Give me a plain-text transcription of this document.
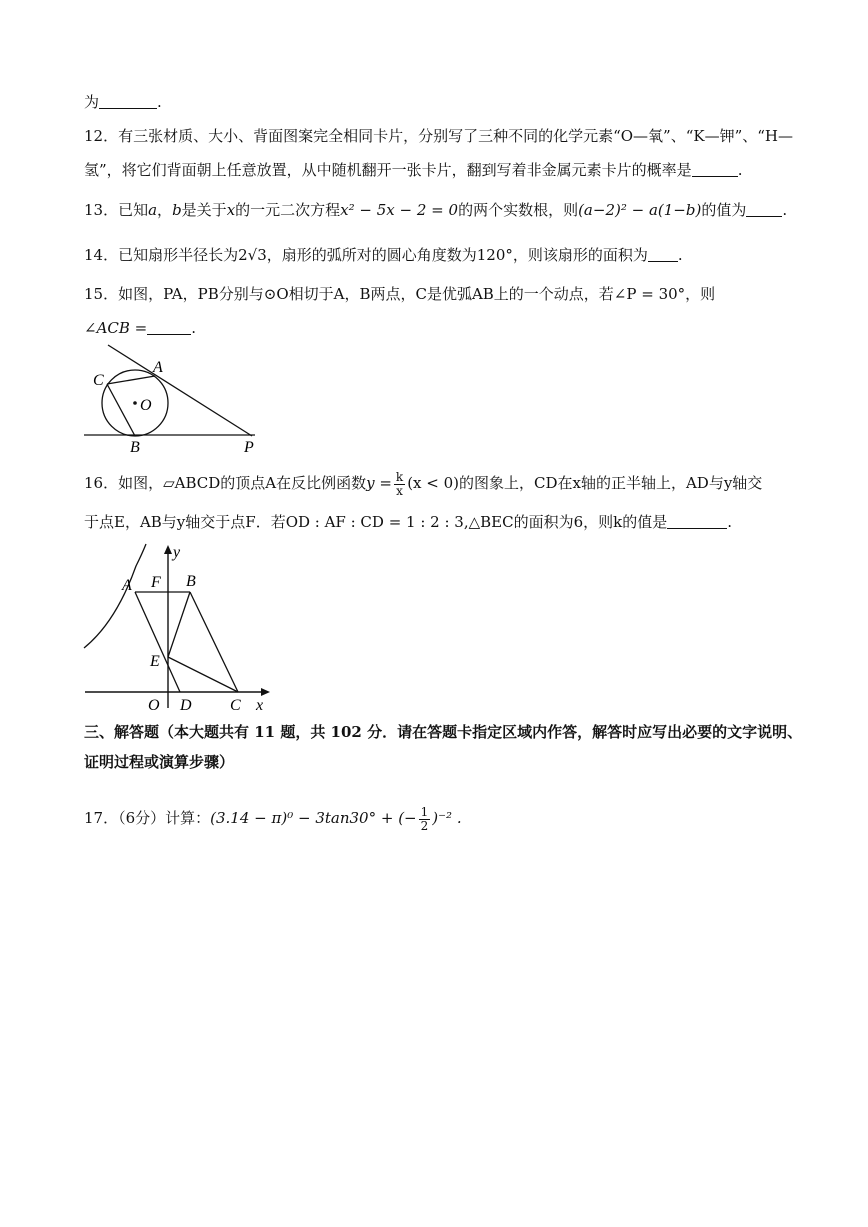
为	.
12．有三张材质、大小、背面图案完全相同卡片，分别写了三种不同的化学元素“O—氧”、“K—钾”、“H—
氢”，将它们背面朝上任意放置，从中随机翻开一张卡片，翻到写着非金属元素卡片的概率是	.
13．已知a，b是关于x的一元二次方程x² − 5x − 2 = 0的两个实数根，则(a−2)² − a(1−b)的值为 .
14．已知扇形半径长为2√3，扇形的弧所对的圆心角度数为120°，则该扇形的面积为 .
15．如图，PA，PB分别与⊙O相切于A，B两点，C是优弧AB上的一个动点，若∠P = 30°，则
∠ACB =	.
C
A
O
B	P
16．如图，▱ABCD的顶点A在反比例函数$y = \frac{k}{x} (x < 0)$的图象上，CD在x轴的正半轴上，AD与y轴交
于点E，AB与y轴交于点F．若OD : AF : CD = 1 : 2 : 3,△BEC的面积为6，则k的值是	.
y
A F B
E
O D C x
三、解答题（本大题共有 11 题，共 102 分．请在答题卡指定区域内作答，解答时应写出必要的文字说明、
证明过程或演算步骤）
17．（6分）计算：(3.14 − π)⁰ − 3tan30° + (− $\frac{1}{2} )^{-2}$ .
